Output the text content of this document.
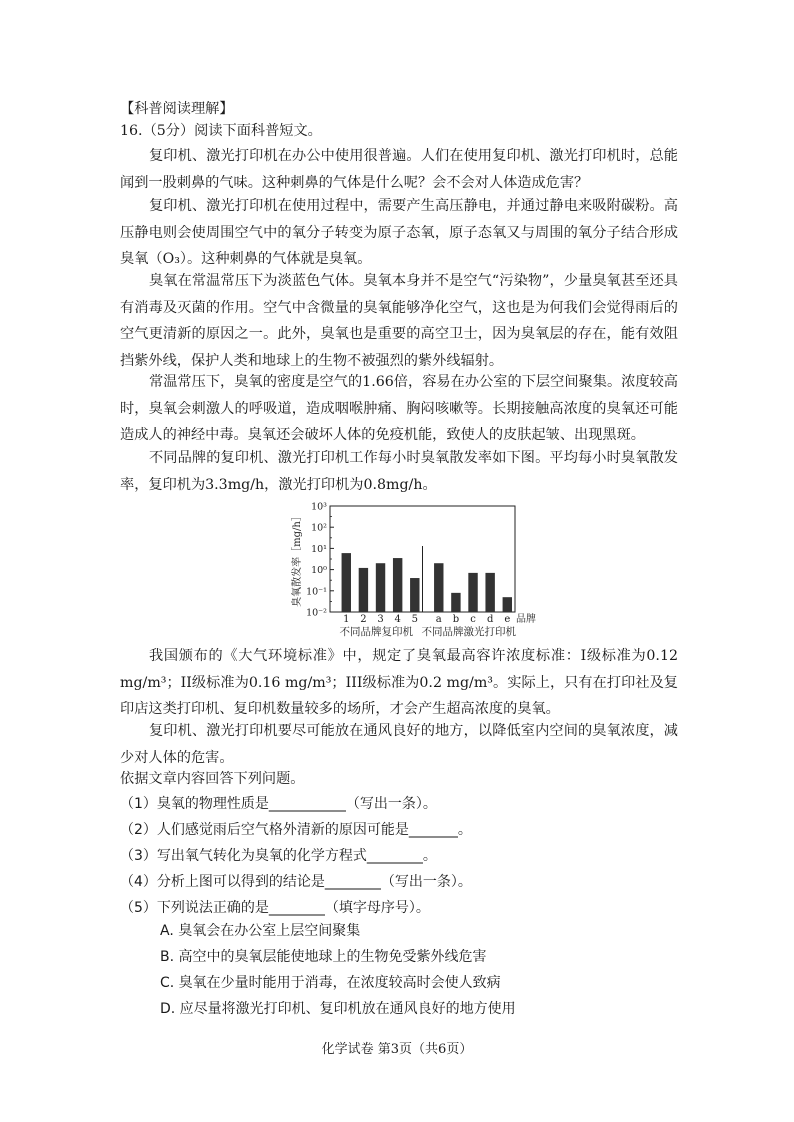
【科普阅读理解】
16.（5分）阅读下面科普短文。
复印机、激光打印机在办公中使用很普遍。人们在使用复印机、激光打印机时，总能闻到一股刺鼻的气味。这种刺鼻的气体是什么呢？会不会对人体造成危害？
复印机、激光打印机在使用过程中，需要产生高压静电，并通过静电来吸附碳粉。高压静电则会使周围空气中的氧分子转变为原子态氧，原子态氧又与周围的氧分子结合形成臭氧（O₃）。这种刺鼻的气体就是臭氧。
臭氧在常温常压下为淡蓝色气体。臭氧本身并不是空气“污染物”，少量臭氧甚至还具有消毒及灭菌的作用。空气中含微量的臭氧能够净化空气，这也是为何我们会觉得雨后的空气更清新的原因之一。此外，臭氧也是重要的高空卫士，因为臭氧层的存在，能有效阻挡紫外线，保护人类和地球上的生物不被强烈的紫外线辐射。
常温常压下，臭氧的密度是空气的1.66倍，容易在办公室的下层空间聚集。浓度较高时，臭氧会刺激人的呼吸道，造成咽喉肿痛、胸闷咳嗽等。长期接触高浓度的臭氧还可能造成人的神经中毒。臭氧还会破坏人体的免疫机能，致使人的皮肤起皱、出现黑斑。
不同品牌的复印机、激光打印机工作每小时臭氧散发率如下图。平均每小时臭氧散发率，复印机为3.3mg/h，激光打印机为0.8mg/h。
10⁻²
10⁻¹
10⁰
10¹
10²
10³
臭氧散发率［mg/h］
1 2 3 4 5 a b c d e 品牌
不同品牌复印机 不同品牌激光打印机
我国颁布的《大气环境标准》中，规定了臭氧最高容许浓度标准：I级标准为0.12 mg/m³；II级标准为0.16 mg/m³；III级标准为0.2 mg/m³。实际上，只有在打印社及复印店这类打印机、复印机数量较多的场所，才会产生超高浓度的臭氧。
复印机、激光打印机要尽可能放在通风良好的地方，以降低室内空间的臭氧浓度，减少对人体的危害。
依据文章内容回答下列问题。
（1）臭氧的物理性质是___________（写出一条）。
（2）人们感觉雨后空气格外清新的原因可能是_______。
（3）写出氧气转化为臭氧的化学方程式________。
（4）分析上图可以得到的结论是________（写出一条）。
（5）下列说法正确的是________（填字母序号）。
A. 臭氧会在办公室上层空间聚集
B. 高空中的臭氧层能使地球上的生物免受紫外线危害
C. 臭氧在少量时能用于消毒，在浓度较高时会使人致病
D. 应尽量将激光打印机、复印机放在通风良好的地方使用
化学试卷 第3页（共6页）
